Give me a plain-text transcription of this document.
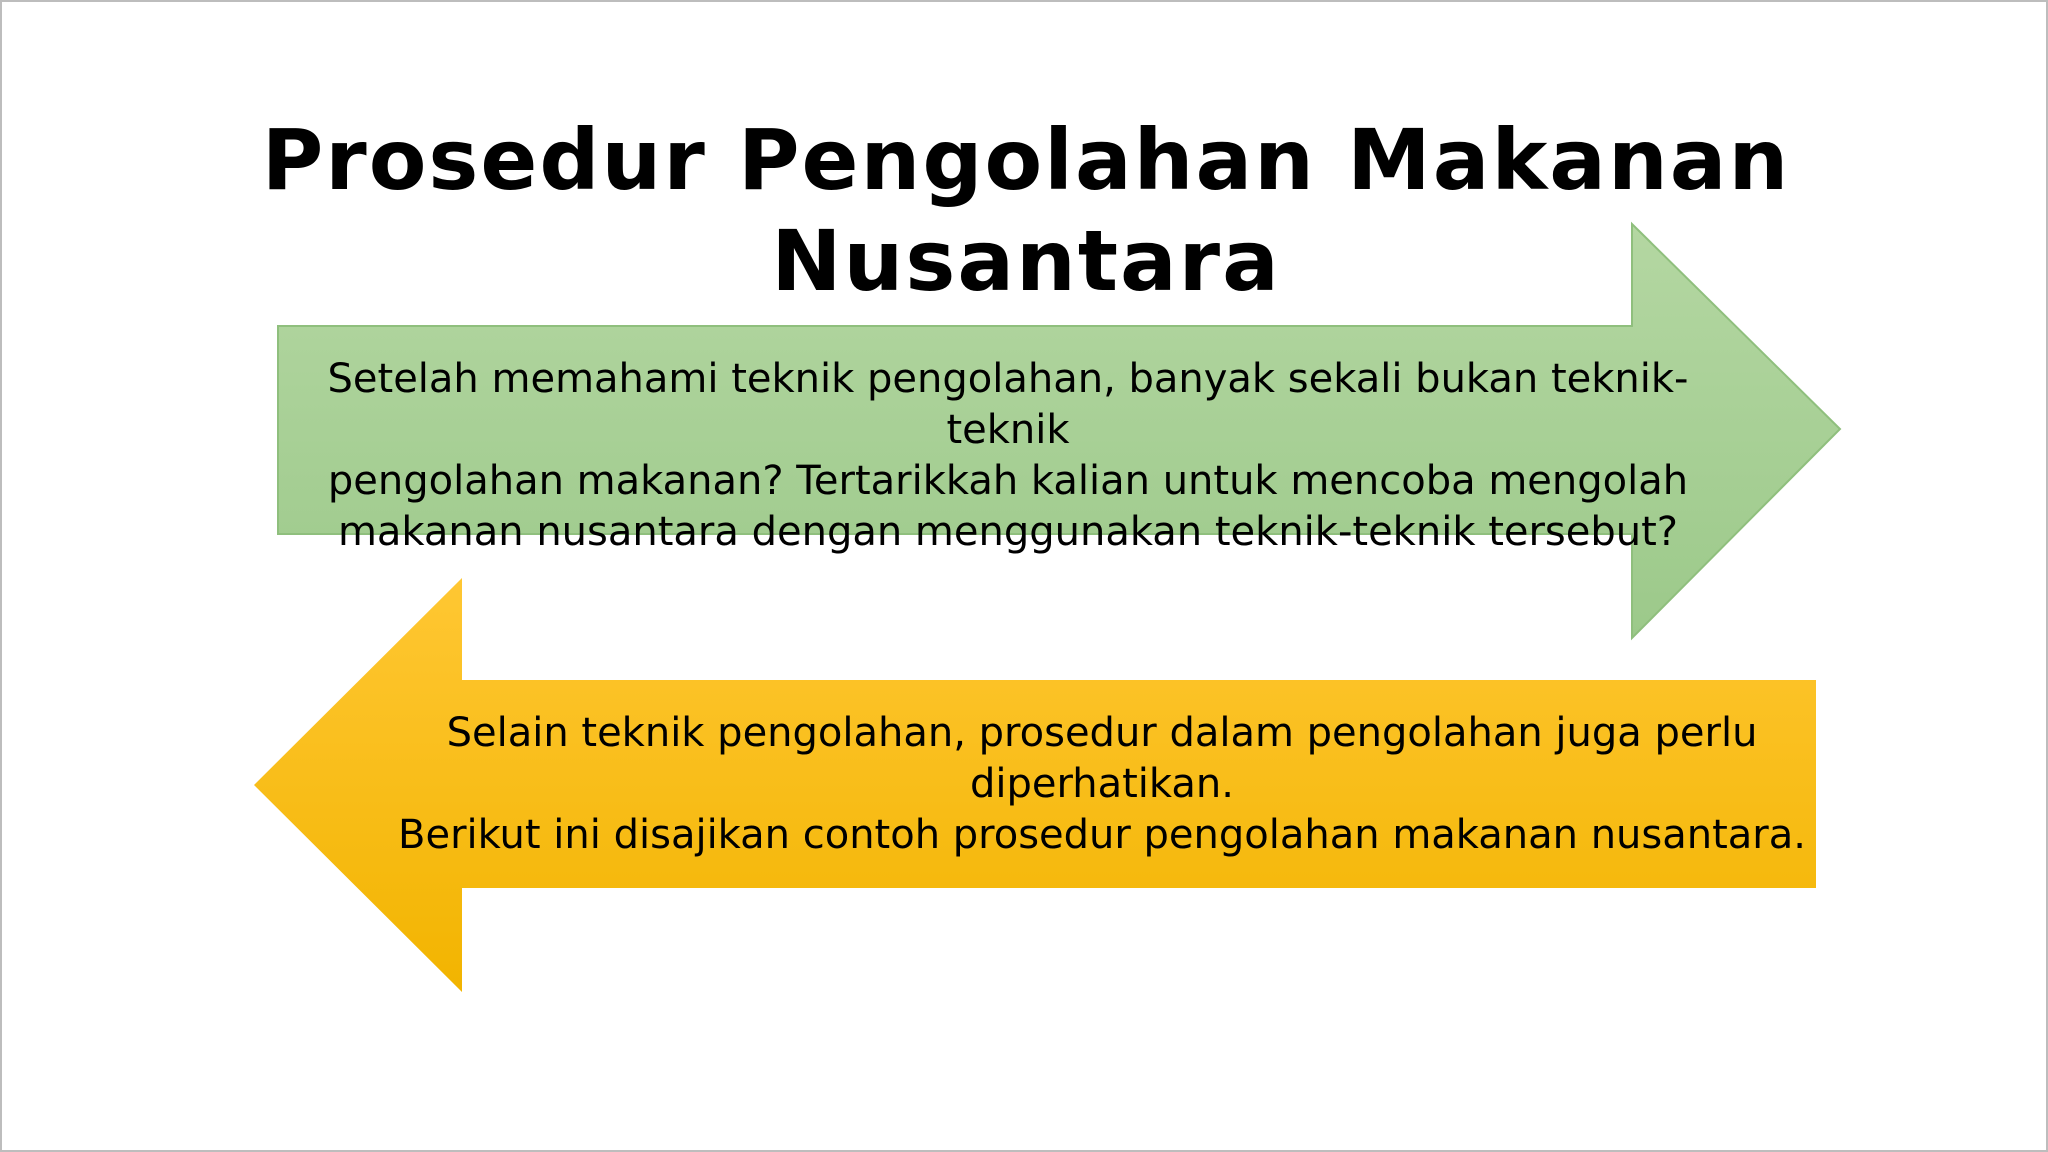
Prosedur Pengolahan Makanan Nusantara
Setelah memahami teknik pengolahan, banyak sekali bukan teknik-teknik
pengolahan makanan? Tertarikkah kalian untuk mencoba mengolah
makanan nusantara dengan menggunakan teknik-teknik tersebut?
Selain teknik pengolahan, prosedur dalam pengolahan juga perlu
diperhatikan.
Berikut ini disajikan contoh prosedur pengolahan makanan nusantara.
